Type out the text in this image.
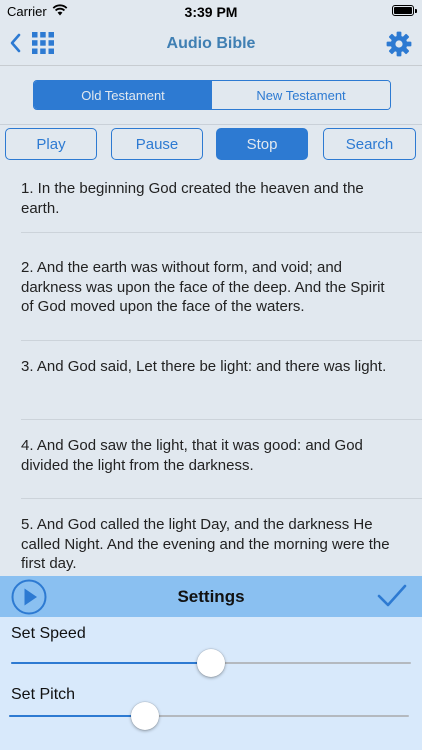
Carrier	3:39 PM
Audio Bible
Old Testament	New Testament
Play	Pause	Stop	Search
1. In the beginning God created the heaven and the earth.
2. And the earth was without form, and void; and darkness was upon the face of the deep. And the Spirit of God moved upon the face of the waters.
3. And God said, Let there be light: and there was light.
4. And God saw the light, that it was good: and God divided the light from the darkness.
5. And God called the light Day, and the darkness He called Night. And the evening and the morning were the first day.
Settings
Set Speed
Set Pitch
